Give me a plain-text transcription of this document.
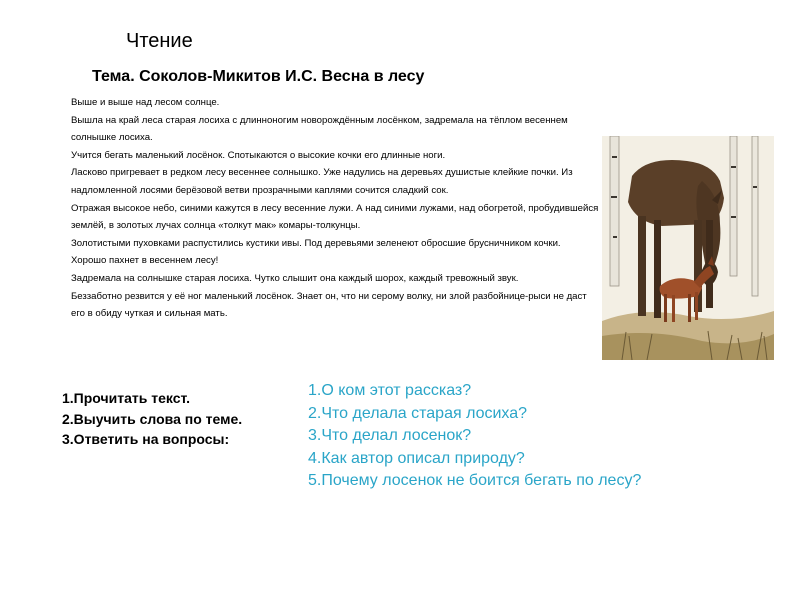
Чтение
Тема. Соколов-Микитов И.С. Весна в лесу

Выше и выше над лесом солнце.

Вышла на край леса старая лосиха с длинноногим новорождённым лосёнком, задремала на тёплом весеннем солнышке лосиха.

Учится бегать маленький лосёнок. Спотыкаются о высокие кочки его длинные ноги.

Ласково пригревает в редком лесу весеннее солнышко. Уже надулись на деревьях душистые клейкие почки. Из надломленной лосями берёзовой ветви прозрачными каплями сочится сладкий сок.

Отражая высокое небо, синими кажутся в лесу весенние лужи. А над синими лужами, над обогретой, пробудившейся землёй, в золотых лучах солнца «толкут мак» комары-толкунцы.

Золотистыми пуховками распустились кустики ивы. Под деревьями зеленеют обросшие брусничником кочки.

Хорошо пахнет в весеннем лесу!

Задремала на солнышке старая лосиха. Чутко слышит она каждый шорох, каждый тревожный звук.

Беззаботно резвится у её ног маленький лосёнок. Знает он, что ни серому волку, ни злой разбойнице-рыси не даст его в обиду чуткая и сильная мать.

1.Прочитать текст.
2.Выучить слова по теме.
3.Ответить на вопросы:
1.О ком этот рассказ?
2.Что делала старая лосиха?
3.Что делал лосенок?
4.Как автор описал природу?
5.Почему лосенок не боится бегать по лесу?
